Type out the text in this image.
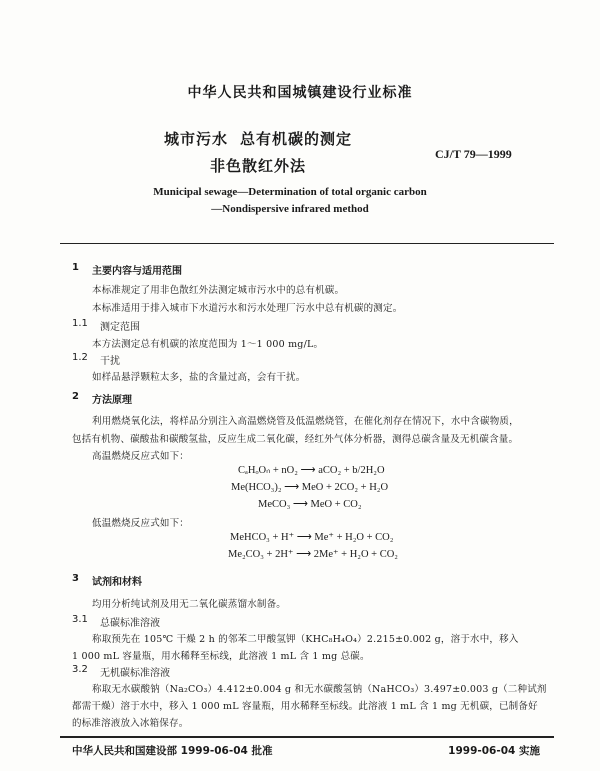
中华人民共和国城镇建设行业标准
城市污水 总有机碳的测定
非色散红外法
CJ/T 79—1999
Municipal sewage—Determination of total organic carbon
—Nondispersive infrared method
1 主要内容与适用范围
本标准规定了用非色散红外法测定城市污水中的总有机碳。
本标准适用于排入城市下水道污水和污水处理厂污水中总有机碳的测定。
1.1 测定范围
本方法测定总有机碳的浓度范围为 1～1 000 mg/L。
1.2 干扰
如样品悬浮颗粒太多，盐的含量过高，会有干扰。
2 方法原理
利用燃烧氧化法，将样品分别注入高温燃烧管及低温燃烧管，在催化剂存在情况下，水中含碳物质，
包括有机物、碳酸盐和碳酸氢盐，反应生成二氧化碳，经红外气体分析器，测得总碳含量及无机碳含量。
高温燃烧反应式如下：
CₐHₒOₙ + nO₂ ⟶ aCO₂ + b/2H₂O
Me(HCO₃)₂ ⟶ MeO + 2CO₂ + H₂O
MeCO₃ ⟶ MeO + CO₂
低温燃烧反应式如下：
MeHCO₃ + H⁺ ⟶ Me⁺ + H₂O + CO₂
Me₂CO₃ + 2H⁺ ⟶ 2Me⁺ + H₂O + CO₂
3 试剂和材料
均用分析纯试剂及用无二氧化碳蒸馏水制备。
3.1 总碳标准溶液
称取预先在 105℃ 干燥 2 h 的邻苯二甲酸氢钾（KHC₈H₄O₄）2.215±0.002 g，溶于水中，移入
1 000 mL 容量瓶，用水稀释至标线，此溶液 1 mL 含 1 mg 总碳。
3.2 无机碳标准溶液
称取无水碳酸钠（Na₂CO₃）4.412±0.004 g 和无水碳酸氢钠（NaHCO₃）3.497±0.003 g（二种试剂
都需干燥）溶于水中，移入 1 000 mL 容量瓶，用水稀释至标线。此溶液 1 mL 含 1 mg 无机碳，已制备好
的标准溶液放入冰箱保存。
中华人民共和国建设部 1999-06-04 批准	1999-06-04 实施
